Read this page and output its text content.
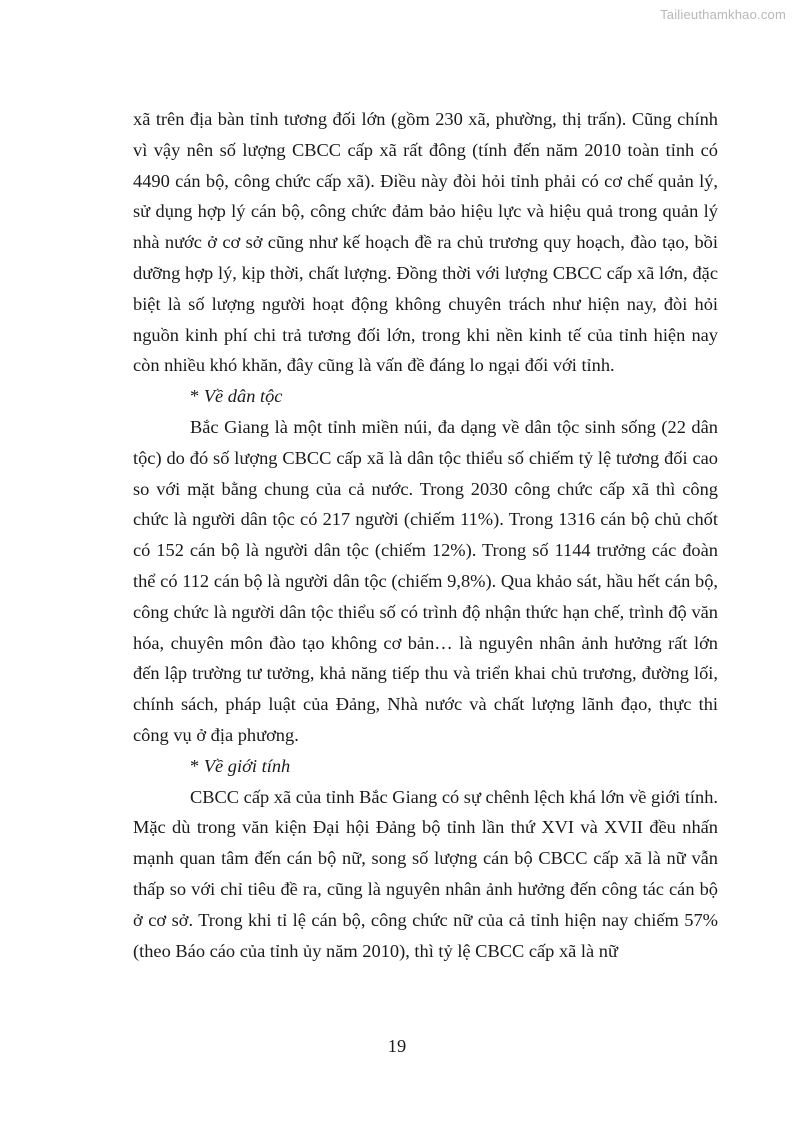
Tailieuthamkhao.com

xã trên địa bàn tỉnh tương đối lớn (gồm 230 xã, phường, thị trấn). Cũng chính vì vậy nên số lượng CBCC cấp xã rất đông (tính đến năm 2010 toàn tỉnh có 4490 cán bộ, công chức cấp xã). Điều này đòi hỏi tỉnh phải có cơ chế quản lý, sử dụng hợp lý cán bộ, công chức đảm bảo hiệu lực và hiệu quả trong quản lý nhà nước ở cơ sở cũng như kế hoạch đề ra chủ trương quy hoạch, đào tạo, bồi dưỡng hợp lý, kịp thời, chất lượng. Đồng thời với lượng CBCC cấp xã lớn, đặc biệt là số lượng người hoạt động không chuyên trách như hiện nay, đòi hỏi nguồn kinh phí chi trả tương đối lớn, trong khi nền kinh tế của tỉnh hiện nay còn nhiều khó khăn, đây cũng là vấn đề đáng lo ngại đối với tỉnh.

* Về dân tộc

Bắc Giang là một tỉnh miền núi, đa dạng về dân tộc sinh sống (22 dân tộc) do đó số lượng CBCC cấp xã là dân tộc thiểu số chiếm tỷ lệ tương đối cao so với mặt bằng chung của cả nước. Trong 2030 công chức cấp xã thì công chức là người dân tộc có 217 người (chiếm 11%). Trong 1316 cán bộ chủ chốt có 152 cán bộ là người dân tộc (chiếm 12%). Trong số 1144 trưởng các đoàn thể có 112 cán bộ là người dân tộc (chiếm 9,8%). Qua khảo sát, hầu hết cán bộ, công chức là người dân tộc thiểu số có trình độ nhận thức hạn chế, trình độ văn hóa, chuyên môn đào tạo không cơ bản… là nguyên nhân ảnh hưởng rất lớn đến lập trường tư tưởng, khả năng tiếp thu và triển khai chủ trương, đường lối, chính sách, pháp luật của Đảng, Nhà nước và chất lượng lãnh đạo, thực thi công vụ ở địa phương.

* Về giới tính

CBCC cấp xã của tỉnh Bắc Giang có sự chênh lệch khá lớn về giới tính. Mặc dù trong văn kiện Đại hội Đảng bộ tỉnh lần thứ XVI và XVII đều nhấn mạnh quan tâm đến cán bộ nữ, song số lượng cán bộ CBCC cấp xã là nữ vẫn thấp so với chỉ tiêu đề ra, cũng là nguyên nhân ảnh hưởng đến công tác cán bộ ở cơ sở. Trong khi tỉ lệ cán bộ, công chức nữ của cả tỉnh hiện nay chiếm 57% (theo Báo cáo của tỉnh ủy năm 2010), thì tỷ lệ CBCC cấp xã là nữ

19
